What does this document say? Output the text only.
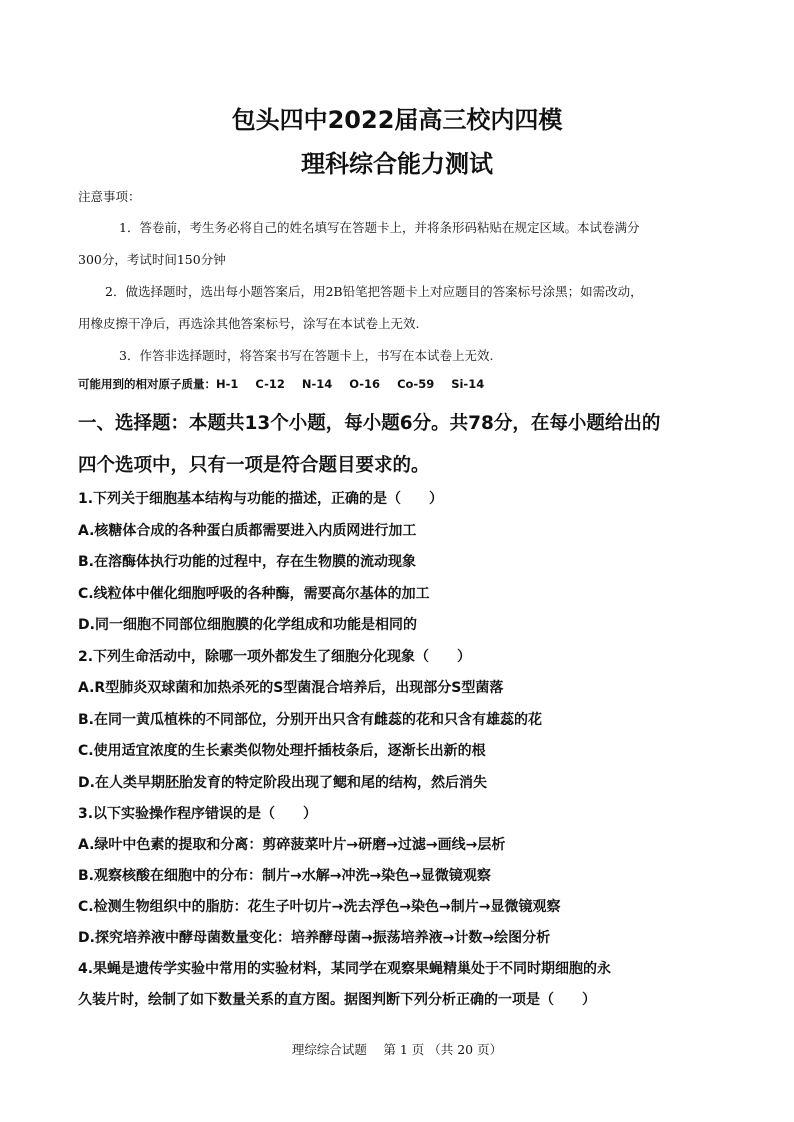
包头四中2022届高三校内四模
理科综合能力测试
注意事项：
1．答卷前，考生务必将自己的姓名填写在答题卡上，并将条形码粘贴在规定区域。本试卷满分
300分，考试时间150分钟
2．做选择题时，选出每小题答案后，用2B铅笔把答题卡上对应题目的答案标号涂黑；如需改动，
用橡皮擦干净后，再选涂其他答案标号，涂写在本试卷上无效.
3．作答非选择题时，将答案书写在答题卡上，书写在本试卷上无效.
可能用到的相对原子质量：H-1 C-12 N-14 O-16 Co-59 Si-14
一、选择题：本题共13个小题，每小题6分。共78分，在每小题给出的
四个选项中，只有一项是符合题目要求的。
1.下列关于细胞基本结构与功能的描述，正确的是（　　）
A.核糖体合成的各种蛋白质都需要进入内质网进行加工
B.在溶酶体执行功能的过程中，存在生物膜的流动现象
C.线粒体中催化细胞呼吸的各种酶，需要高尔基体的加工
D.同一细胞不同部位细胞膜的化学组成和功能是相同的
2.下列生命活动中，除哪一项外都发生了细胞分化现象（　　）
A.R型肺炎双球菌和加热杀死的S型菌混合培养后，出现部分S型菌落
B.在同一黄瓜植株的不同部位，分别开出只含有雌蕊的花和只含有雄蕊的花
C.使用适宜浓度的生长素类似物处理扦插枝条后，逐渐长出新的根
D.在人类早期胚胎发育的特定阶段出现了鳃和尾的结构，然后消失
3.以下实验操作程序错误的是（　　）
A.绿叶中色素的提取和分离：剪碎菠菜叶片→研磨→过滤→画线→层析
B.观察核酸在细胞中的分布：制片→水解→冲洗→染色→显微镜观察
C.检测生物组织中的脂肪：花生子叶切片→洗去浮色→染色→制片→显微镜观察
D.探究培养液中酵母菌数量变化：培养酵母菌→振荡培养液→计数→绘图分析
4.果蝇是遗传学实验中常用的实验材料，某同学在观察果蝇精巢处于不同时期细胞的永
久装片时，绘制了如下数量关系的直方图。据图判断下列分析正确的一项是（　　）
理综综合试题　 第 1 页 （共 20 页）
